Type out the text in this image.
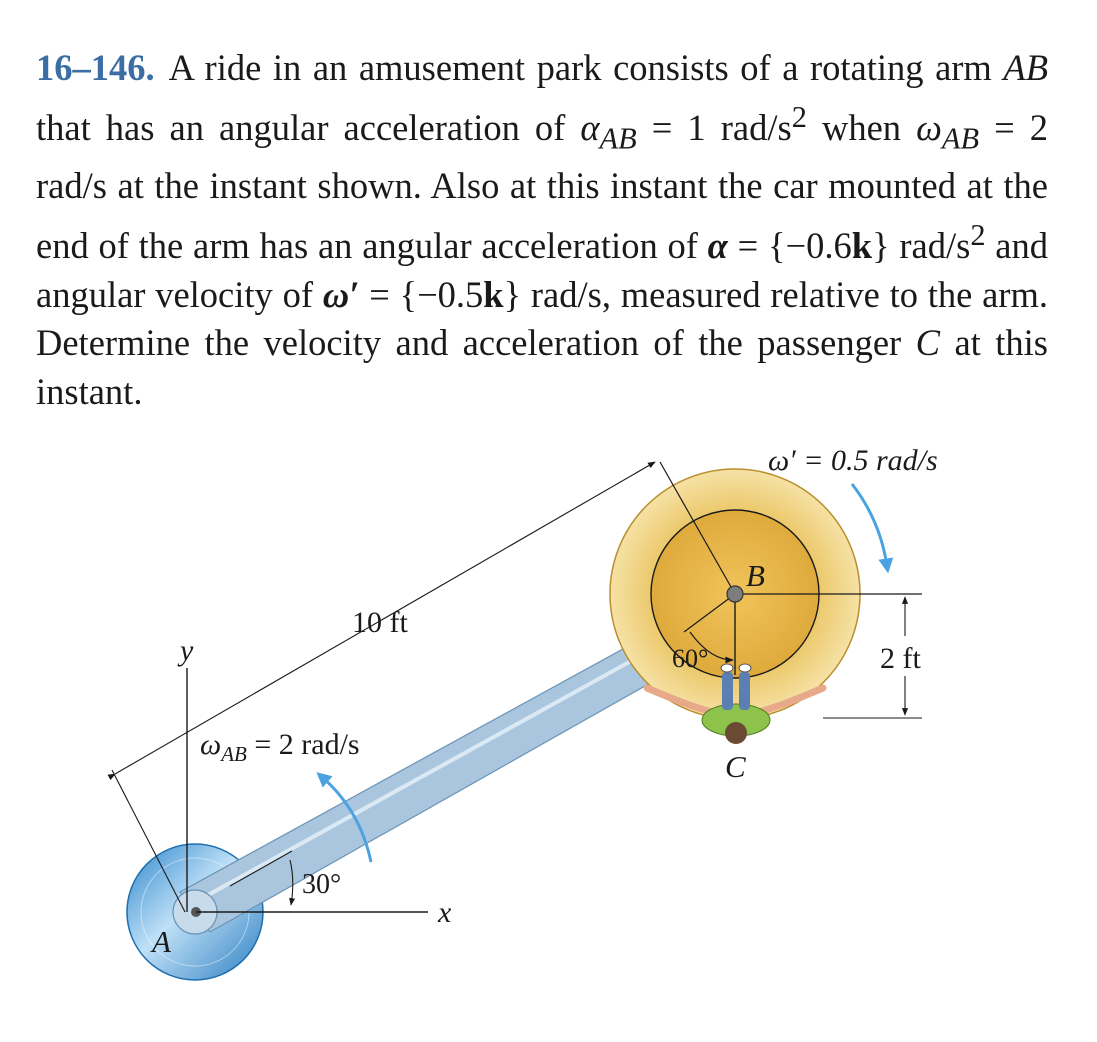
16–146. A ride in an amusement park consists of a rotating arm AB that has an angular acceleration of $\alpha_{AB} = 1$ rad/$s^2$ when $\omega_{AB} = 2$ rad/s at the instant shown. Also at this instant the car mounted at the end of the arm has an angular acceleration of α = {−0.6k} rad/$s^2$ and angular velocity of ω′ = {−0.5k} rad/s, measured relative to the arm. Determine the velocity and acceleration of the passenger C at this instant.

ω′ = 0.5 rad/s
B
C
A
y
x
10 ft
2 ft
60°
30°
$\omega_{AB} = 2$ rad/s
